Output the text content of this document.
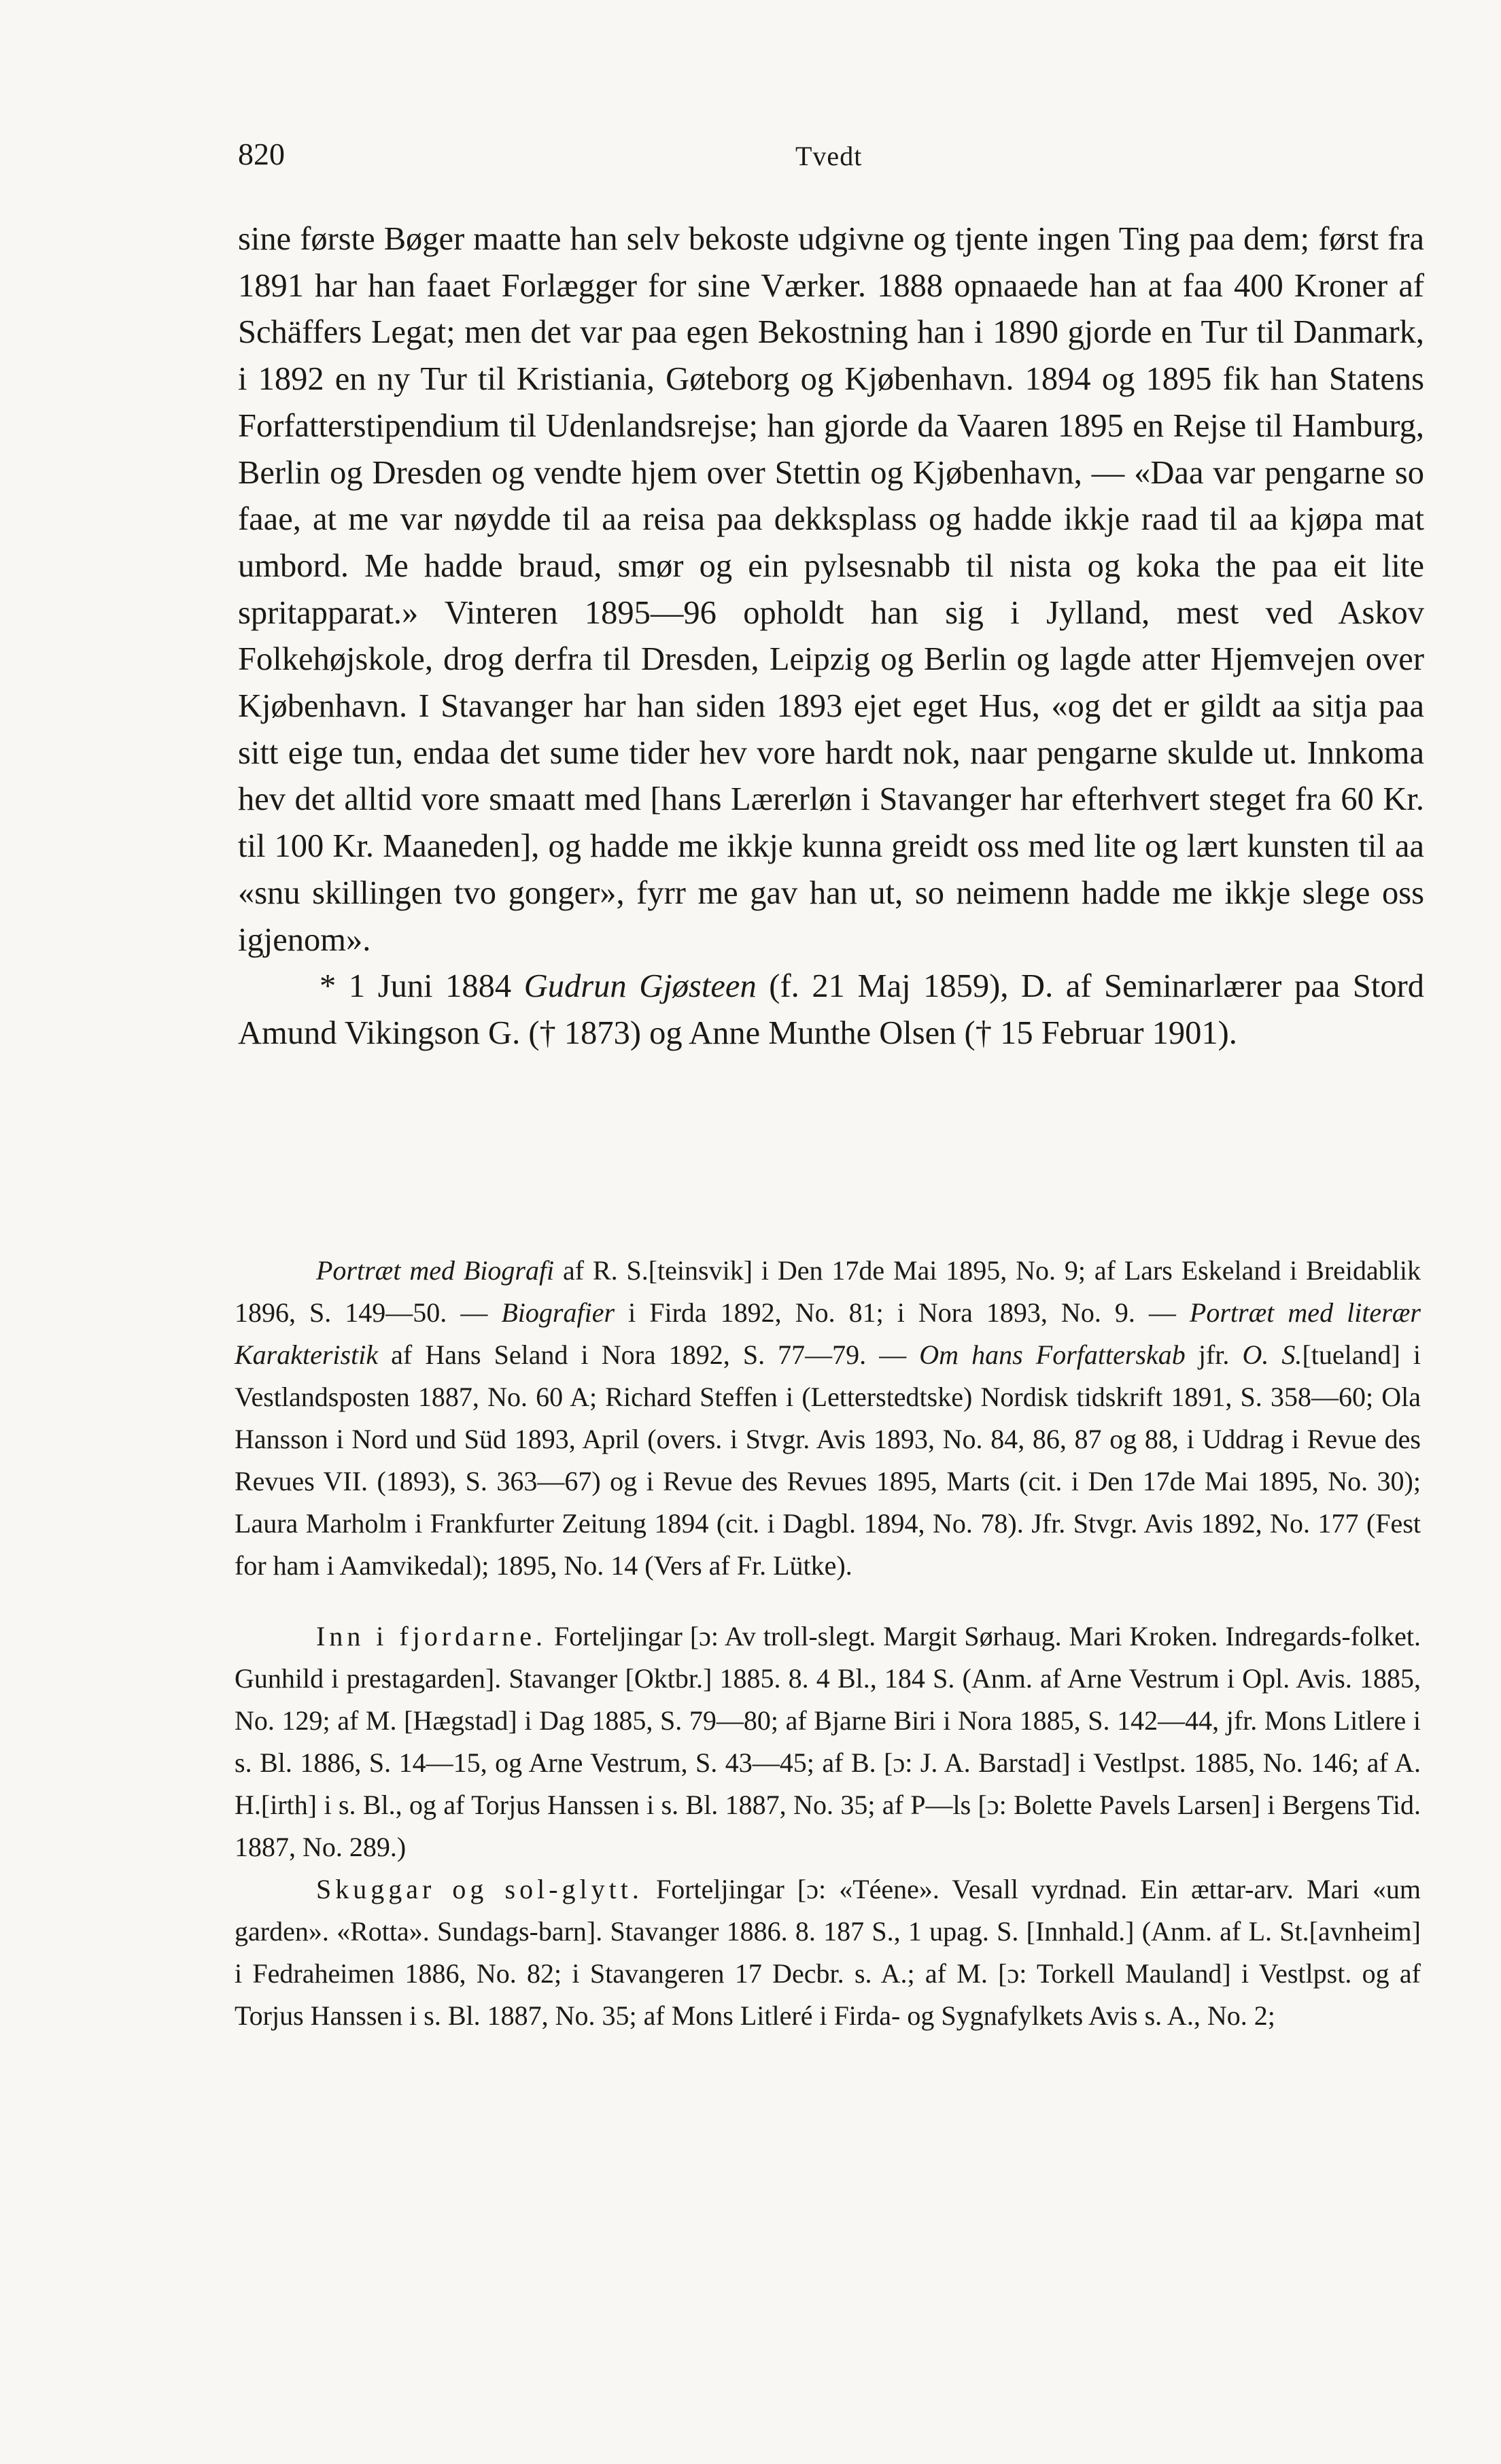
820	Tvedt

sine første Bøger maatte han selv bekoste udgivne og tjente ingen Ting paa dem; først fra 1891 har han faaet Forlægger for sine Værker. 1888 opnaaede han at faa 400 Kroner af Schäffers Legat; men det var paa egen Bekostning han i 1890 gjorde en Tur til Danmark, i 1892 en ny Tur til Kristiania, Gøteborg og Kjøbenhavn. 1894 og 1895 fik han Statens Forfatterstipendium til Udenlandsrejse; han gjorde da Vaaren 1895 en Rejse til Hamburg, Berlin og Dresden og vendte hjem over Stettin og Kjøbenhavn, — «Daa var pengarne so faae, at me var nøydde til aa reisa paa dekksplass og hadde ikkje raad til aa kjøpa mat umbord. Me hadde braud, smør og ein pylsesnabb til nista og koka the paa eit lite spritapparat.» Vinteren 1895—96 opholdt han sig i Jylland, mest ved Askov Folkehøjskole, drog derfra til Dresden, Leipzig og Berlin og lagde atter Hjemvejen over Kjøbenhavn. I Stavanger har han siden 1893 ejet eget Hus, «og det er gildt aa sitja paa sitt eige tun, endaa det sume tider hev vore hardt nok, naar pengarne skulde ut. Innkoma hev det alltid vore smaatt med [hans Lærerløn i Stavanger har efterhvert steget fra 60 Kr. til 100 Kr. Maaneden], og hadde me ikkje kunna greidt oss med lite og lært kunsten til aa «snu skillingen tvo gonger», fyrr me gav han ut, so neimenn hadde me ikkje slege oss igjenom».

* 1 Juni 1884 Gudrun Gjøsteen (f. 21 Maj 1859), D. af Seminarlærer paa Stord Amund Vikingson G. († 1873) og Anne Munthe Olsen († 15 Februar 1901).

Portræt med Biografi af R. S.[teinsvik] i Den 17de Mai 1895, No. 9; af Lars Eskeland i Breidablik 1896, S. 149—50. — Biografier i Firda 1892, No. 81; i Nora 1893, No. 9. — Portræt med literær Karakteristik af Hans Seland i Nora 1892, S. 77—79. — Om hans Forfatterskab jfr. O. S.[tueland] i Vestlandsposten 1887, No. 60 A; Richard Steffen i (Letterstedtske) Nordisk tidskrift 1891, S. 358—60; Ola Hansson i Nord und Süd 1893, April (overs. i Stvgr. Avis 1893, No. 84, 86, 87 og 88, i Uddrag i Revue des Revues VII. (1893), S. 363—67) og i Revue des Revues 1895, Marts (cit. i Den 17de Mai 1895, No. 30); Laura Marholm i Frankfurter Zeitung 1894 (cit. i Dagbl. 1894, No. 78). Jfr. Stvgr. Avis 1892, No. 177 (Fest for ham i Aamvikedal); 1895, No. 14 (Vers af Fr. Lütke).

Inn i fjordarne. Forteljingar [ɔ: Av troll-slegt. Margit Sørhaug. Mari Kroken. Indregards-folket. Gunhild i prestagarden]. Stavanger [Oktbr.] 1885. 8. 4 Bl., 184 S. (Anm. af Arne Vestrum i Opl. Avis. 1885, No. 129; af M. [Hægstad] i Dag 1885, S. 79—80; af Bjarne Biri i Nora 1885, S. 142—44, jfr. Mons Litlere i s. Bl. 1886, S. 14—15, og Arne Vestrum, S. 43—45; af B. [ɔ: J. A. Barstad] i Vestlpst. 1885, No. 146; af A. H.[irth] i s. Bl., og af Torjus Hanssen i s. Bl. 1887, No. 35; af P—ls [ɔ: Bolette Pavels Larsen] i Bergens Tid. 1887, No. 289.)

Skuggar og sol-glytt. Forteljingar [ɔ: «Téene». Vesall vyrdnad. Ein ættar-arv. Mari «um garden». «Rotta». Sundags-barn]. Stavanger 1886. 8. 187 S., 1 upag. S. [Innhald.] (Anm. af L. St.[avnheim] i Fedraheimen 1886, No. 82; i Stavangeren 17 Decbr. s. A.; af M. [ɔ: Torkell Mauland] i Vestlpst. og af Torjus Hanssen i s. Bl. 1887, No. 35; af Mons Litleré i Firda- og Sygnafylkets Avis s. A., No. 2;
